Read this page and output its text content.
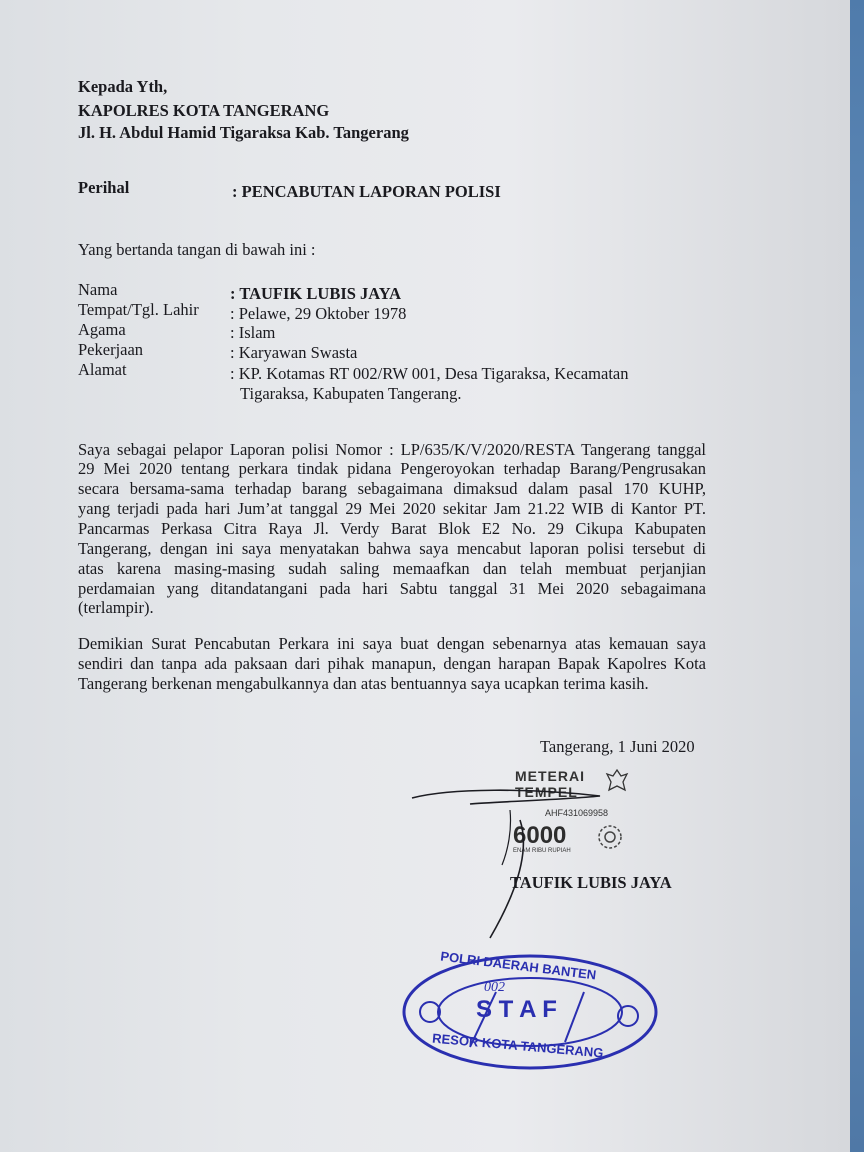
Kepada Yth,
KAPOLRES KOTA TANGERANG
Jl. H. Abdul Hamid Tigaraksa Kab. Tangerang
Perihal	: PENCABUTAN LAPORAN POLISI
Yang bertanda tangan di bawah ini :
Nama	: TAUFIK LUBIS JAYA
Tempat/Tgl. Lahir : Pelawe, 29 Oktober 1978
Agama	: Islam
Pekerjaan	: Karyawan Swasta
Alamat	: KP. Kotamas RT 002/RW 001, Desa Tigaraksa, Kecamatan
Tigaraksa, Kabupaten Tangerang.
Saya sebagai pelapor Laporan polisi Nomor : LP/635/K/V/2020/RESTA Tangerang tanggal
29 Mei 2020 tentang perkara tindak pidana Pengeroyokan terhadap Barang/Pengrusakan
secara bersama-sama terhadap barang sebagaimana dimaksud dalam pasal 170 KUHP,
yang terjadi pada hari Jum’at tanggal 29 Mei 2020 sekitar Jam 21.22 WIB di Kantor PT.
Pancarmas Perkasa Citra Raya Jl. Verdy Barat Blok E2 No. 29 Cikupa Kabupaten
Tangerang, dengan ini saya menyatakan bahwa saya mencabut laporan polisi tersebut di
atas karena masing-masing sudah saling memaafkan dan telah membuat perjanjian
perdamaian yang ditandatangani pada hari Sabtu tanggal 31 Mei 2020 sebagaimana
(terlampir).
Demikian Surat Pencabutan Perkara ini saya buat dengan sebenarnya atas kemauan saya
sendiri dan tanpa ada paksaan dari pihak manapun, dengan harapan Bapak Kapolres Kota
Tangerang berkenan mengabulkannya dan atas bentuannya saya ucapkan terima kasih.
Tangerang, 1 Juni 2020
METERAI
TEMPEL
AHF431069958
6000
ENAM RIBU RUPIAH
TAUFIK LUBIS JAYA
POLRI DAERAH BANTEN
S T A F
002
RESOR KOTA TANGERANG
